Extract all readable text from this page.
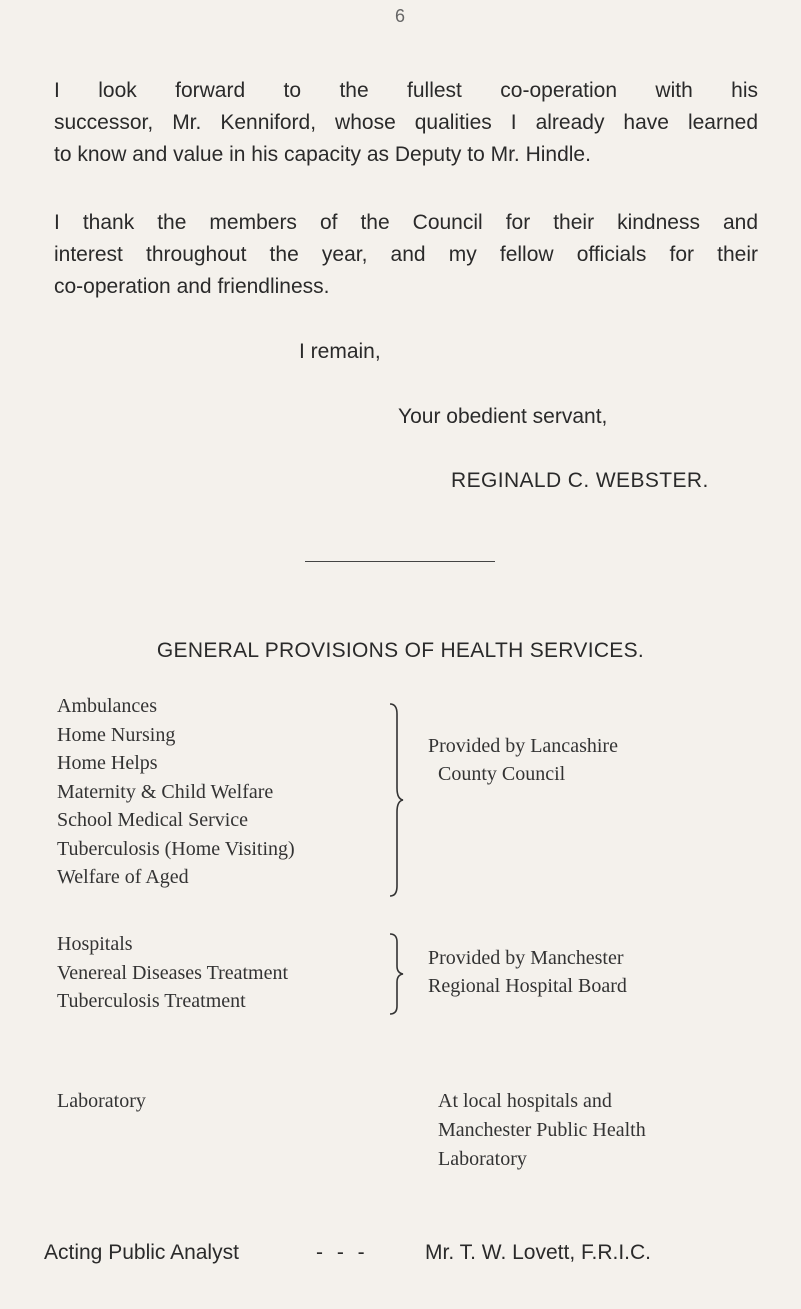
6

I look forward to the fullest co-operation with his
successor, Mr. Kenniford, whose qualities I already have learned
to know and value in his capacity as Deputy to Mr. Hindle.

I thank the members of the Council for their kindness and
interest throughout the year, and my fellow officials for their
co-operation and friendliness.

I remain,
Your obedient servant,
REGINALD C. WEBSTER.
GENERAL PROVISIONS OF HEALTH SERVICES.
Ambulances
Home Nursing
Home Helps
Maternity & Child Welfare
School Medical Service
Tuberculosis (Home Visiting)
Welfare of Aged
Provided by Lancashire
County Council
Hospitals
Venereal Diseases Treatment
Tuberculosis Treatment
Provided by Manchester
Regional Hospital Board
Laboratory	At local hospitals and
Manchester Public Health
Laboratory
Acting Public Analyst	- - -	Mr. T. W. Lovett, F.R.I.C.
